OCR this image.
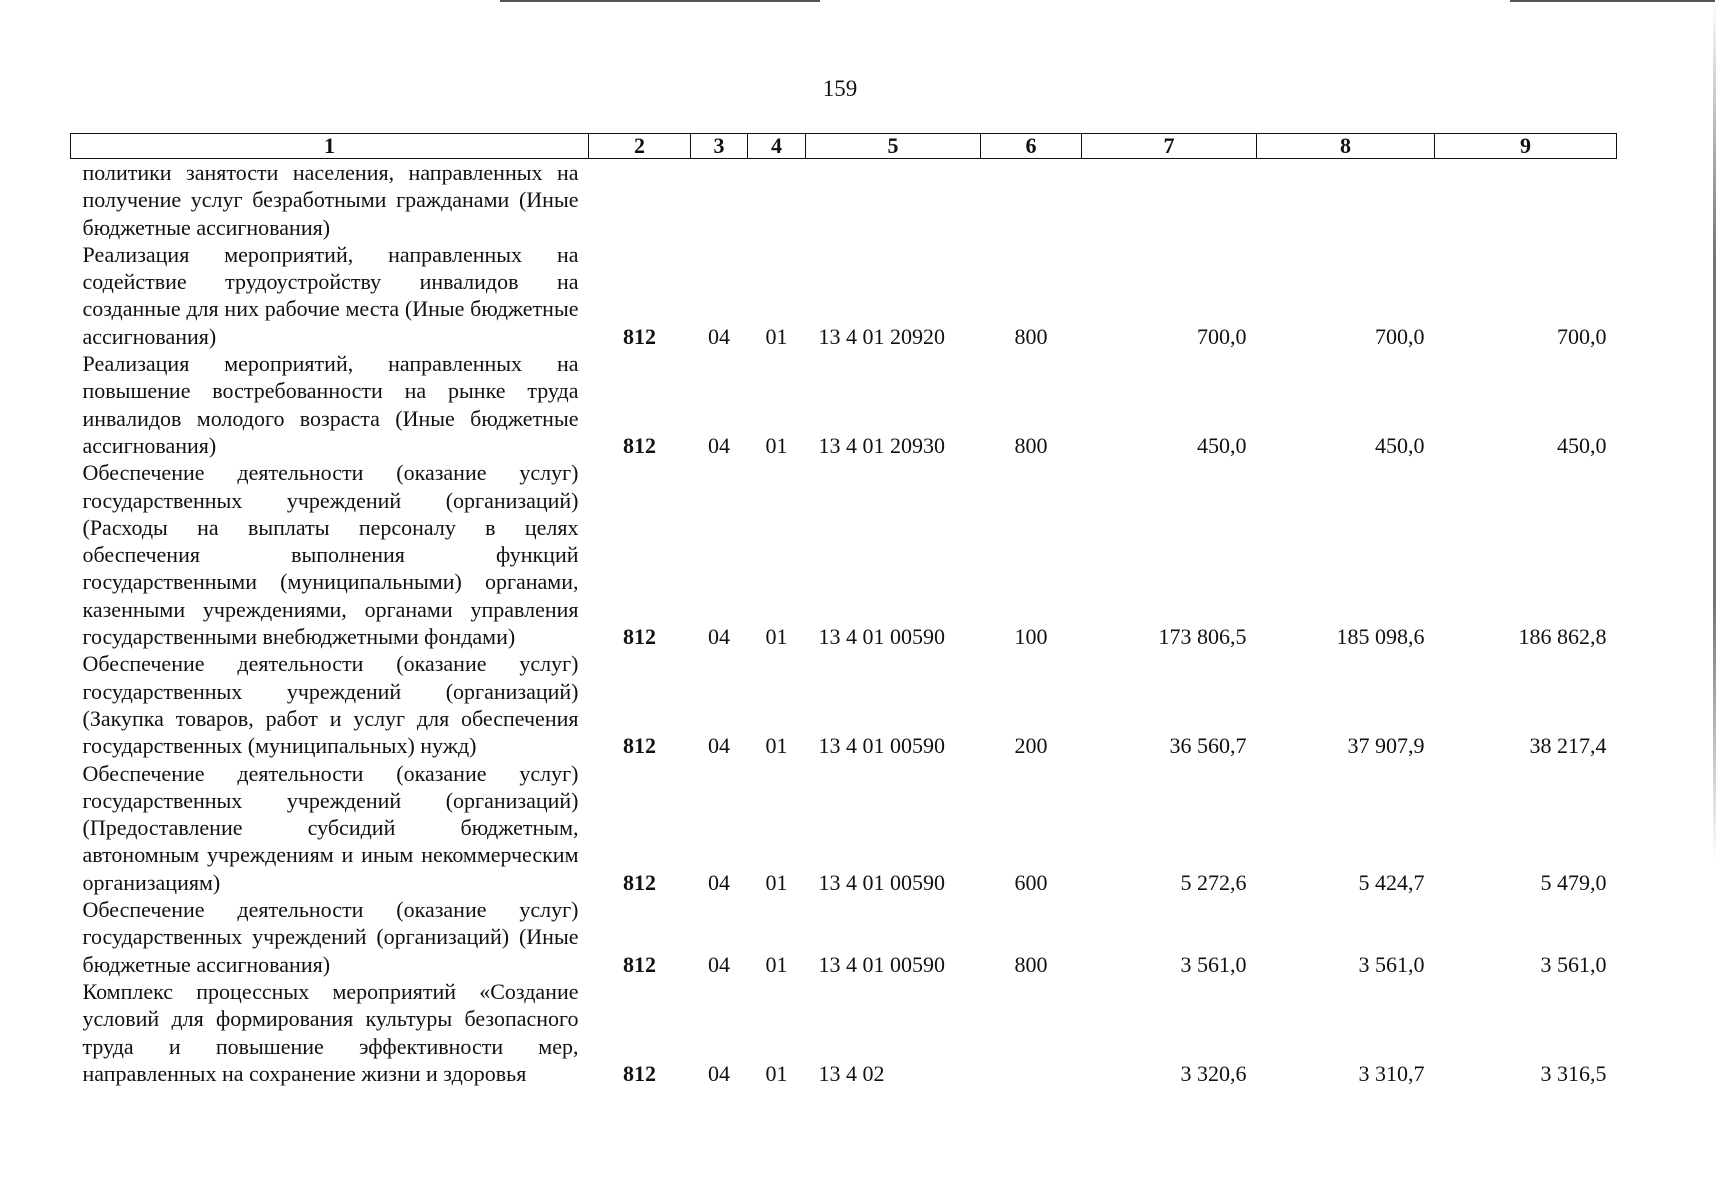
159
1	2	3	4	5	6	7	8	9
политики занятости населения, направленных на получение услуг безработными гражданами (Иные бюджетные ассигнования)								
Реализация мероприятий, направленных на содействие трудоустройству инвалидов на созданные для них рабочие места (Иные бюджетные ассигнования)	812	04	01	13 4 01 20920	800	700,0	700,0	700,0
Реализация мероприятий, направленных на повышение востребованности на рынке труда инвалидов молодого возраста (Иные бюджетные ассигнования)	812	04	01	13 4 01 20930	800	450,0	450,0	450,0
Обеспечение деятельности (оказание услуг) государственных учреждений (организаций) (Расходы на выплаты персоналу в целях обеспечения выполнения функций государственными (муниципальными) органами, казенными учреждениями, органами управления государственными внебюджетными фондами)	812	04	01	13 4 01 00590	100	173 806,5	185 098,6	186 862,8
Обеспечение деятельности (оказание услуг) государственных учреждений (организаций) (Закупка товаров, работ и услуг для обеспечения государственных (муниципальных) нужд)	812	04	01	13 4 01 00590	200	36 560,7	37 907,9	38 217,4
Обеспечение деятельности (оказание услуг) государственных учреждений (организаций) (Предоставление субсидий бюджетным, автономным учреждениям и иным некоммерческим организациям)	812	04	01	13 4 01 00590	600	5 272,6	5 424,7	5 479,0
Обеспечение деятельности (оказание услуг) государственных учреждений (организаций) (Иные бюджетные ассигнования)	812	04	01	13 4 01 00590	800	3 561,0	3 561,0	3 561,0
Комплекс процессных мероприятий «Создание условий для формирования культуры безопасного труда и повышение эффективности мер, направленных на сохранение жизни и здоровья	812	04	01	13 4 02		3 320,6	3 310,7	3 316,5
